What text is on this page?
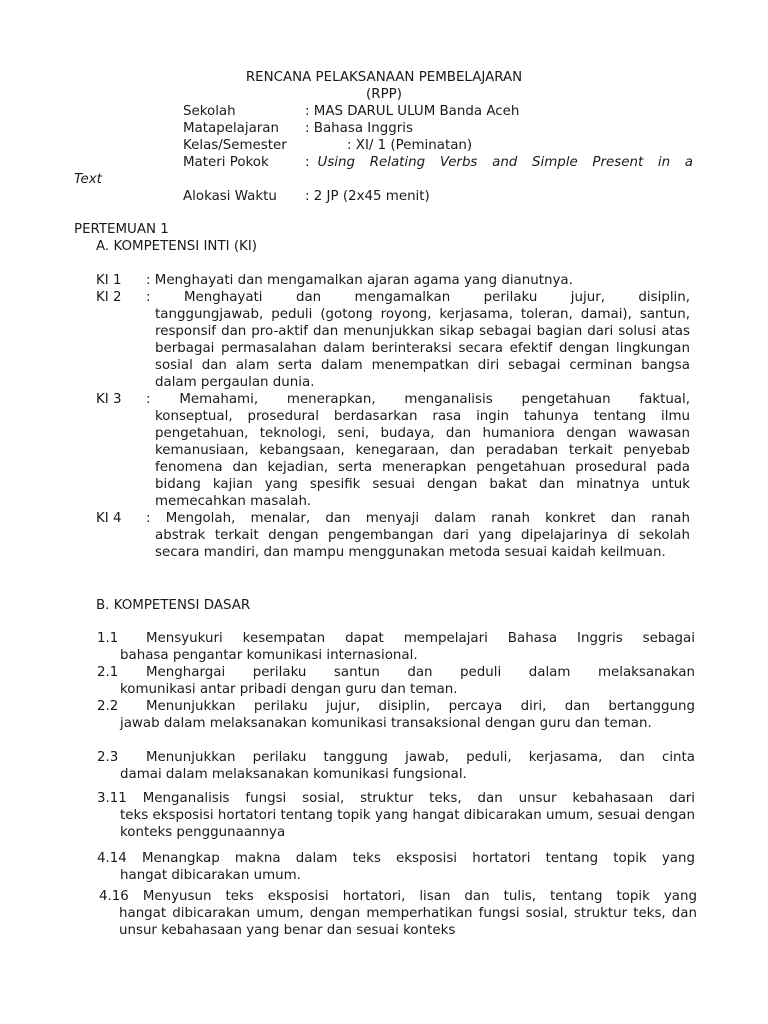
RENCANA PELAKSANAAN PEMBELAJARAN
(RPP)
Sekolah	: MAS DARUL ULUM Banda Aceh
Matapelajaran : Bahasa Inggris
Kelas/Semester	: XI/ 1 (Peminatan)
Materi Pokok	: Using Relating Verbs and Simple Present in a
Text
Alokasi Waktu : 2 JP (2x45 menit)
PERTEMUAN 1
A. KOMPETENSI INTI (KI)
KI 1 : Menghayati dan mengamalkan ajaran agama yang dianutnya.
KI 2 : Menghayati dan mengamalkan perilaku jujur, disiplin,
tanggungjawab, peduli (gotong royong, kerjasama, toleran, damai), santun, responsif dan pro-aktif dan menunjukkan sikap sebagai bagian dari solusi atas berbagai permasalahan dalam berinteraksi secara efektif dengan lingkungan sosial dan alam serta dalam menempatkan diri sebagai cerminan bangsa dalam pergaulan dunia.
KI 3 : Memahami, menerapkan, menganalisis pengetahuan faktual,
konseptual, prosedural berdasarkan rasa ingin tahunya tentang ilmu pengetahuan, teknologi, seni, budaya, dan humaniora dengan wawasan kemanusiaan, kebangsaan, kenegaraan, dan peradaban terkait penyebab fenomena dan kejadian, serta menerapkan pengetahuan prosedural pada bidang kajian yang spesifik sesuai dengan bakat dan minatnya untuk memecahkan masalah.
KI 4 : Mengolah, menalar, dan menyaji dalam ranah konkret dan ranah
abstrak terkait dengan pengembangan dari yang dipelajarinya di sekolah secara mandiri, dan mampu menggunakan metoda sesuai kaidah keilmuan.
B. KOMPETENSI DASAR
1.1 Mensyukuri kesempatan dapat mempelajari Bahasa Inggris sebagai
bahasa pengantar komunikasi internasional.
2.1 Menghargai perilaku santun dan peduli dalam melaksanakan
komunikasi antar pribadi dengan guru dan teman.
2.2 Menunjukkan perilaku jujur, disiplin, percaya diri, dan bertanggung
jawab dalam melaksanakan komunikasi transaksional dengan guru dan teman.
2.3 Menunjukkan perilaku tanggung jawab, peduli, kerjasama, dan cinta
damai dalam melaksanakan komunikasi fungsional.
3.11 Menganalisis fungsi sosial, struktur teks, dan unsur kebahasaan dari
teks eksposisi hortatori tentang topik yang hangat dibicarakan umum, sesuai dengan konteks penggunaannya
4.14 Menangkap makna dalam teks eksposisi hortatori tentang topik yang
hangat dibicarakan umum.
4.16 Menyusun teks eksposisi hortatori, lisan dan tulis, tentang topik yang
hangat dibicarakan umum, dengan memperhatikan fungsi sosial, struktur teks, dan unsur kebahasaan yang benar dan sesuai konteks
